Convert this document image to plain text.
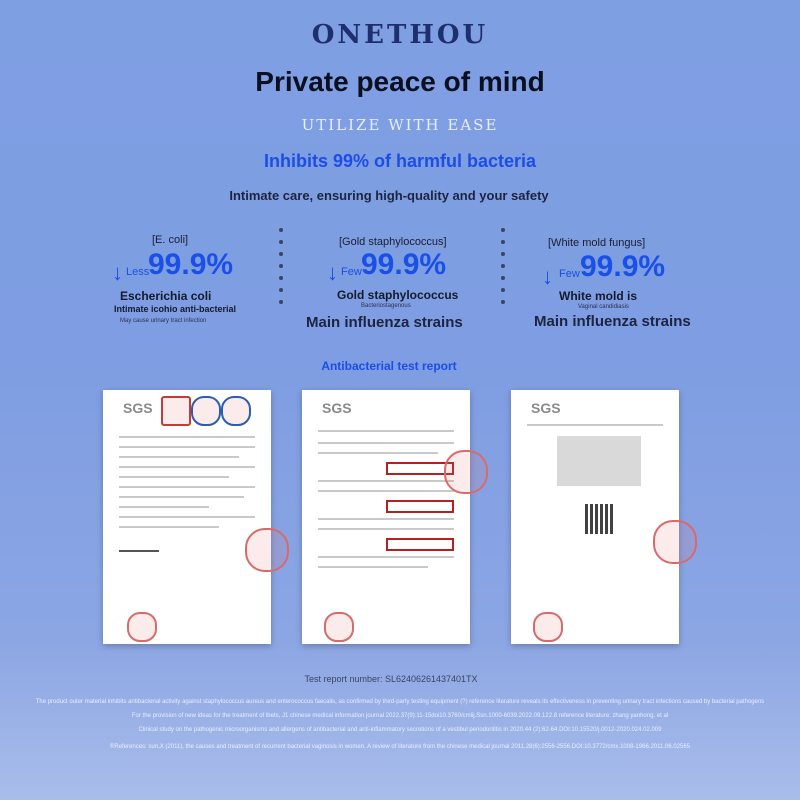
ONETHOU
Private peace of mind
UTILIZE WITH EASE
Inhibits 99% of harmful bacteria
Intimate care, ensuring high-quality and your safety
[E. coli]
↓ Less
99.9%
Escherichia coli
Intimate icohio anti-bacterial
May cause urinary tract infection
[Gold staphylococcus]
↓ Few 99.9%
Gold staphylococcus
Bacteriostagenous
Main influenza strains
[White mold fungus]
↓ Few 99.9%
White mold is
Vaginal candidiasis
Main influenza strains
Antibacterial test report
SGS	SGS	SGS
Test report number: SL62406261437401TX
The product outer material inhibits antibacterial activity against staphylococcus aureus and enterococcus faecalis, as confirmed by third-party testing equipment (?) reference literature reveals its effectiveness in preventing urinary tract infections caused by bacterial pathogens
For the provision of new ideas for the treatment of lbets, J1 chinese medical information journal 2022.37(9):11-15doi10.3760/cmlij.Ssn.1000-6039.2022.09.122.8 reference literature: zhang yanhong, et al
Clinical study on the pathogenic microorganisms and allergens of antibacterial and anti-inflammatory secretions of a vestibul periodontitis in 2020.44 (2):62-64.DOI:10.15520/j.0012-2020.024.02.009
®References: sun,X (2011), the causes and treatment of recurrent bacterial vaginosis in women. A review of literature from the chinese medical journal 2011,28(6):2556-2556.DOI:10.3772/cmx.1008-1966.2011.06.02565
